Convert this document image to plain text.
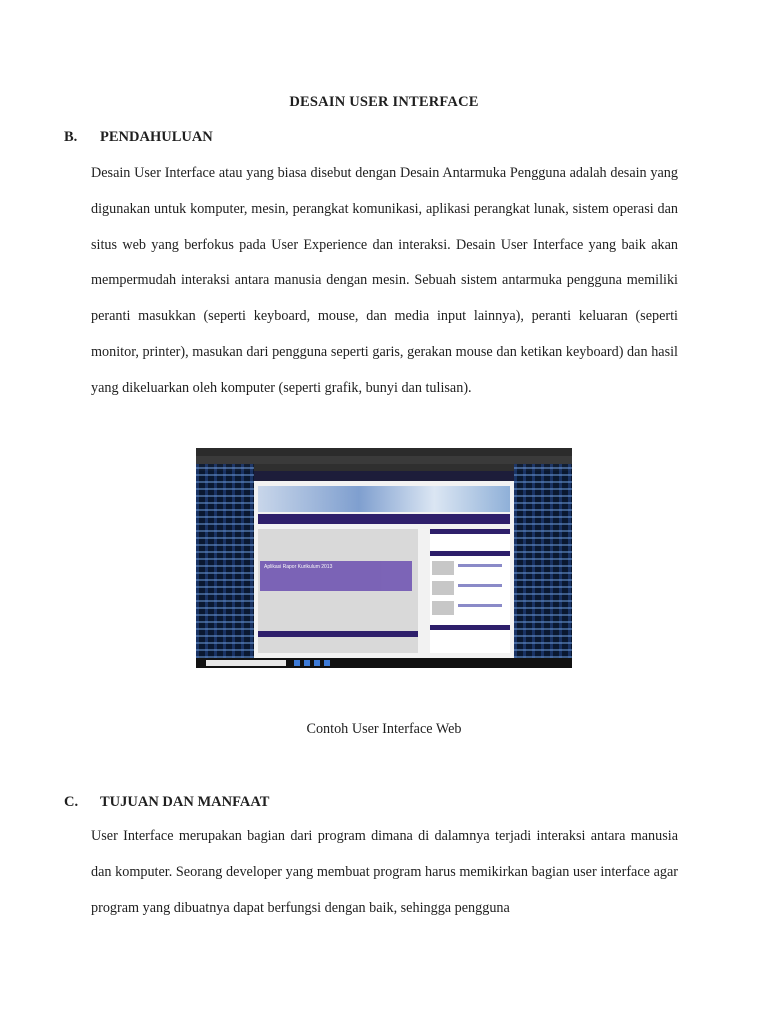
DESAIN USER INTERFACE
B. PENDAHULUAN

Desain User Interface atau yang biasa disebut dengan Desain Antarmuka Pengguna adalah desain yang digunakan untuk komputer, mesin, perangkat komunikasi, aplikasi perangkat lunak, sistem operasi dan situs web yang berfokus pada User Experience dan interaksi. Desain User Interface yang baik akan mempermudah interaksi antara manusia dengan mesin. Sebuah sistem antarmuka pengguna memiliki peranti masukkan (seperti keyboard, mouse, dan media input lainnya), peranti keluaran (seperti monitor, printer), masukan dari pengguna seperti garis, gerakan mouse dan ketikan keyboard) dan hasil yang dikeluarkan oleh komputer (seperti grafik, bunyi dan tulisan).

Aplikasi Rapor Kurikulum 2013
Contoh User Interface Web
C. TUJUAN DAN MANFAAT

User Interface merupakan bagian dari program dimana di dalamnya terjadi interaksi antara manusia dan komputer. Seorang developer yang membuat program harus memikirkan bagian user interface agar program yang dibuatnya dapat berfungsi dengan baik, sehingga pengguna
